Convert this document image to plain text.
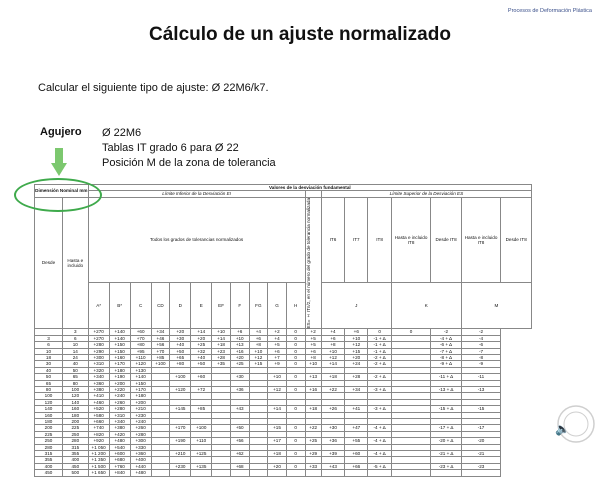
Procesos de Deformación Plástica
Cálculo de un ajuste normalizado
Calcular el siguiente tipo de ajuste: Ø 22M6/k7.
Agujero Ø 22M6
Tablas IT grado 6 para Ø 22
Posición M de la zona de tolerancia
Dimensión Nominal mm		Valores de la desviación fundamental																		
		Límite Inferior de la Desviación EI												Límite Superior de la Desviación ES						
Desde	Hasta e incluido	Todos los grados de tolerancias normalizados											ES= ± ITn/2, en el número del grado de tolerancia normalizada	IT6	IT7	IT8	Hasta e incluido IT8	Desde IT8	Hasta e incluido IT8	Desde IT8
		A*	B*	C	CD	D	E	EF	F	FG	G	H		J			K		M	
	3	+270	+140	+60	+34	+20	+14	+10	+6	+4	+2	0	+2	+4	+6	0	0	-2	-2	
3	6	+270	+140	+70	+46	+30	+20	+14	+10	+6	+4	0	+5	+6	+10	-1 + Δ		-4 + Δ	-4	
6	10	+280	+150	+80	+56	+40	+25	+18	+13	+8	+5	0	+5	+8	+12	-1 + Δ		-6 + Δ	-6	
10	14	+290	+150	+95	+70	+50	+32	+23	+16	+10	+6	0	+6	+10	+15	-1 + Δ		-7 + Δ	-7	
18	24	+300	+160	+110	+85	+65	+40	+28	+20	+12	+7	0	+8	+12	+20	-2 + Δ		-8 + Δ	-8	
30	40	+310	+170	+120	+100	+80	+50	+35	+25	+15	+9	0	+10	+14	+24	-2 + Δ		-9 + Δ	-9	
40	50	+320	+180	+130																
50	65	+340	+190	+140		+100	+60		+30		+10	0	+13	+18	+28	-2 + Δ		-11 + Δ	-11	
65	80	+360	+200	+150																
80	100	+380	+220	+170		+120	+72		+36		+12	0	+16	+22	+34	-3 + Δ		-13 + Δ	-13	
100	120	+410	+240	+180																
120	140	+460	+260	+200																
140	160	+520	+280	+210		+145	+85		+43		+14	0	+18	+26	+41	-3 + Δ		-15 + Δ	-15	
160	180	+580	+310	+230																
180	200	+660	+340	+240																
200	225	+740	+380	+260		+170	+100		+50		+15	0	+22	+30	+47	-4 + Δ		-17 + Δ	-17	
225	250	+820	+420	+280																
250	280	+920	+480	+300		+190	+110		+56		+17	0	+25	+36	+55	-4 + Δ		-20 + Δ	-20	
280	315	+1 050	+540	+330																
315	355	+1 200	+600	+360		+210	+125		+62		+18	0	+29	+39	+60	-4 + Δ		-21 + Δ	-21	
355	400	+1 350	+680	+400																
400	450	+1 500	+760	+440		+230	+135		+68		+20	0	+33	+43	+66	-5 + Δ		-23 + Δ	-23	
450	500	+1 650	+840	+480																
🔈
